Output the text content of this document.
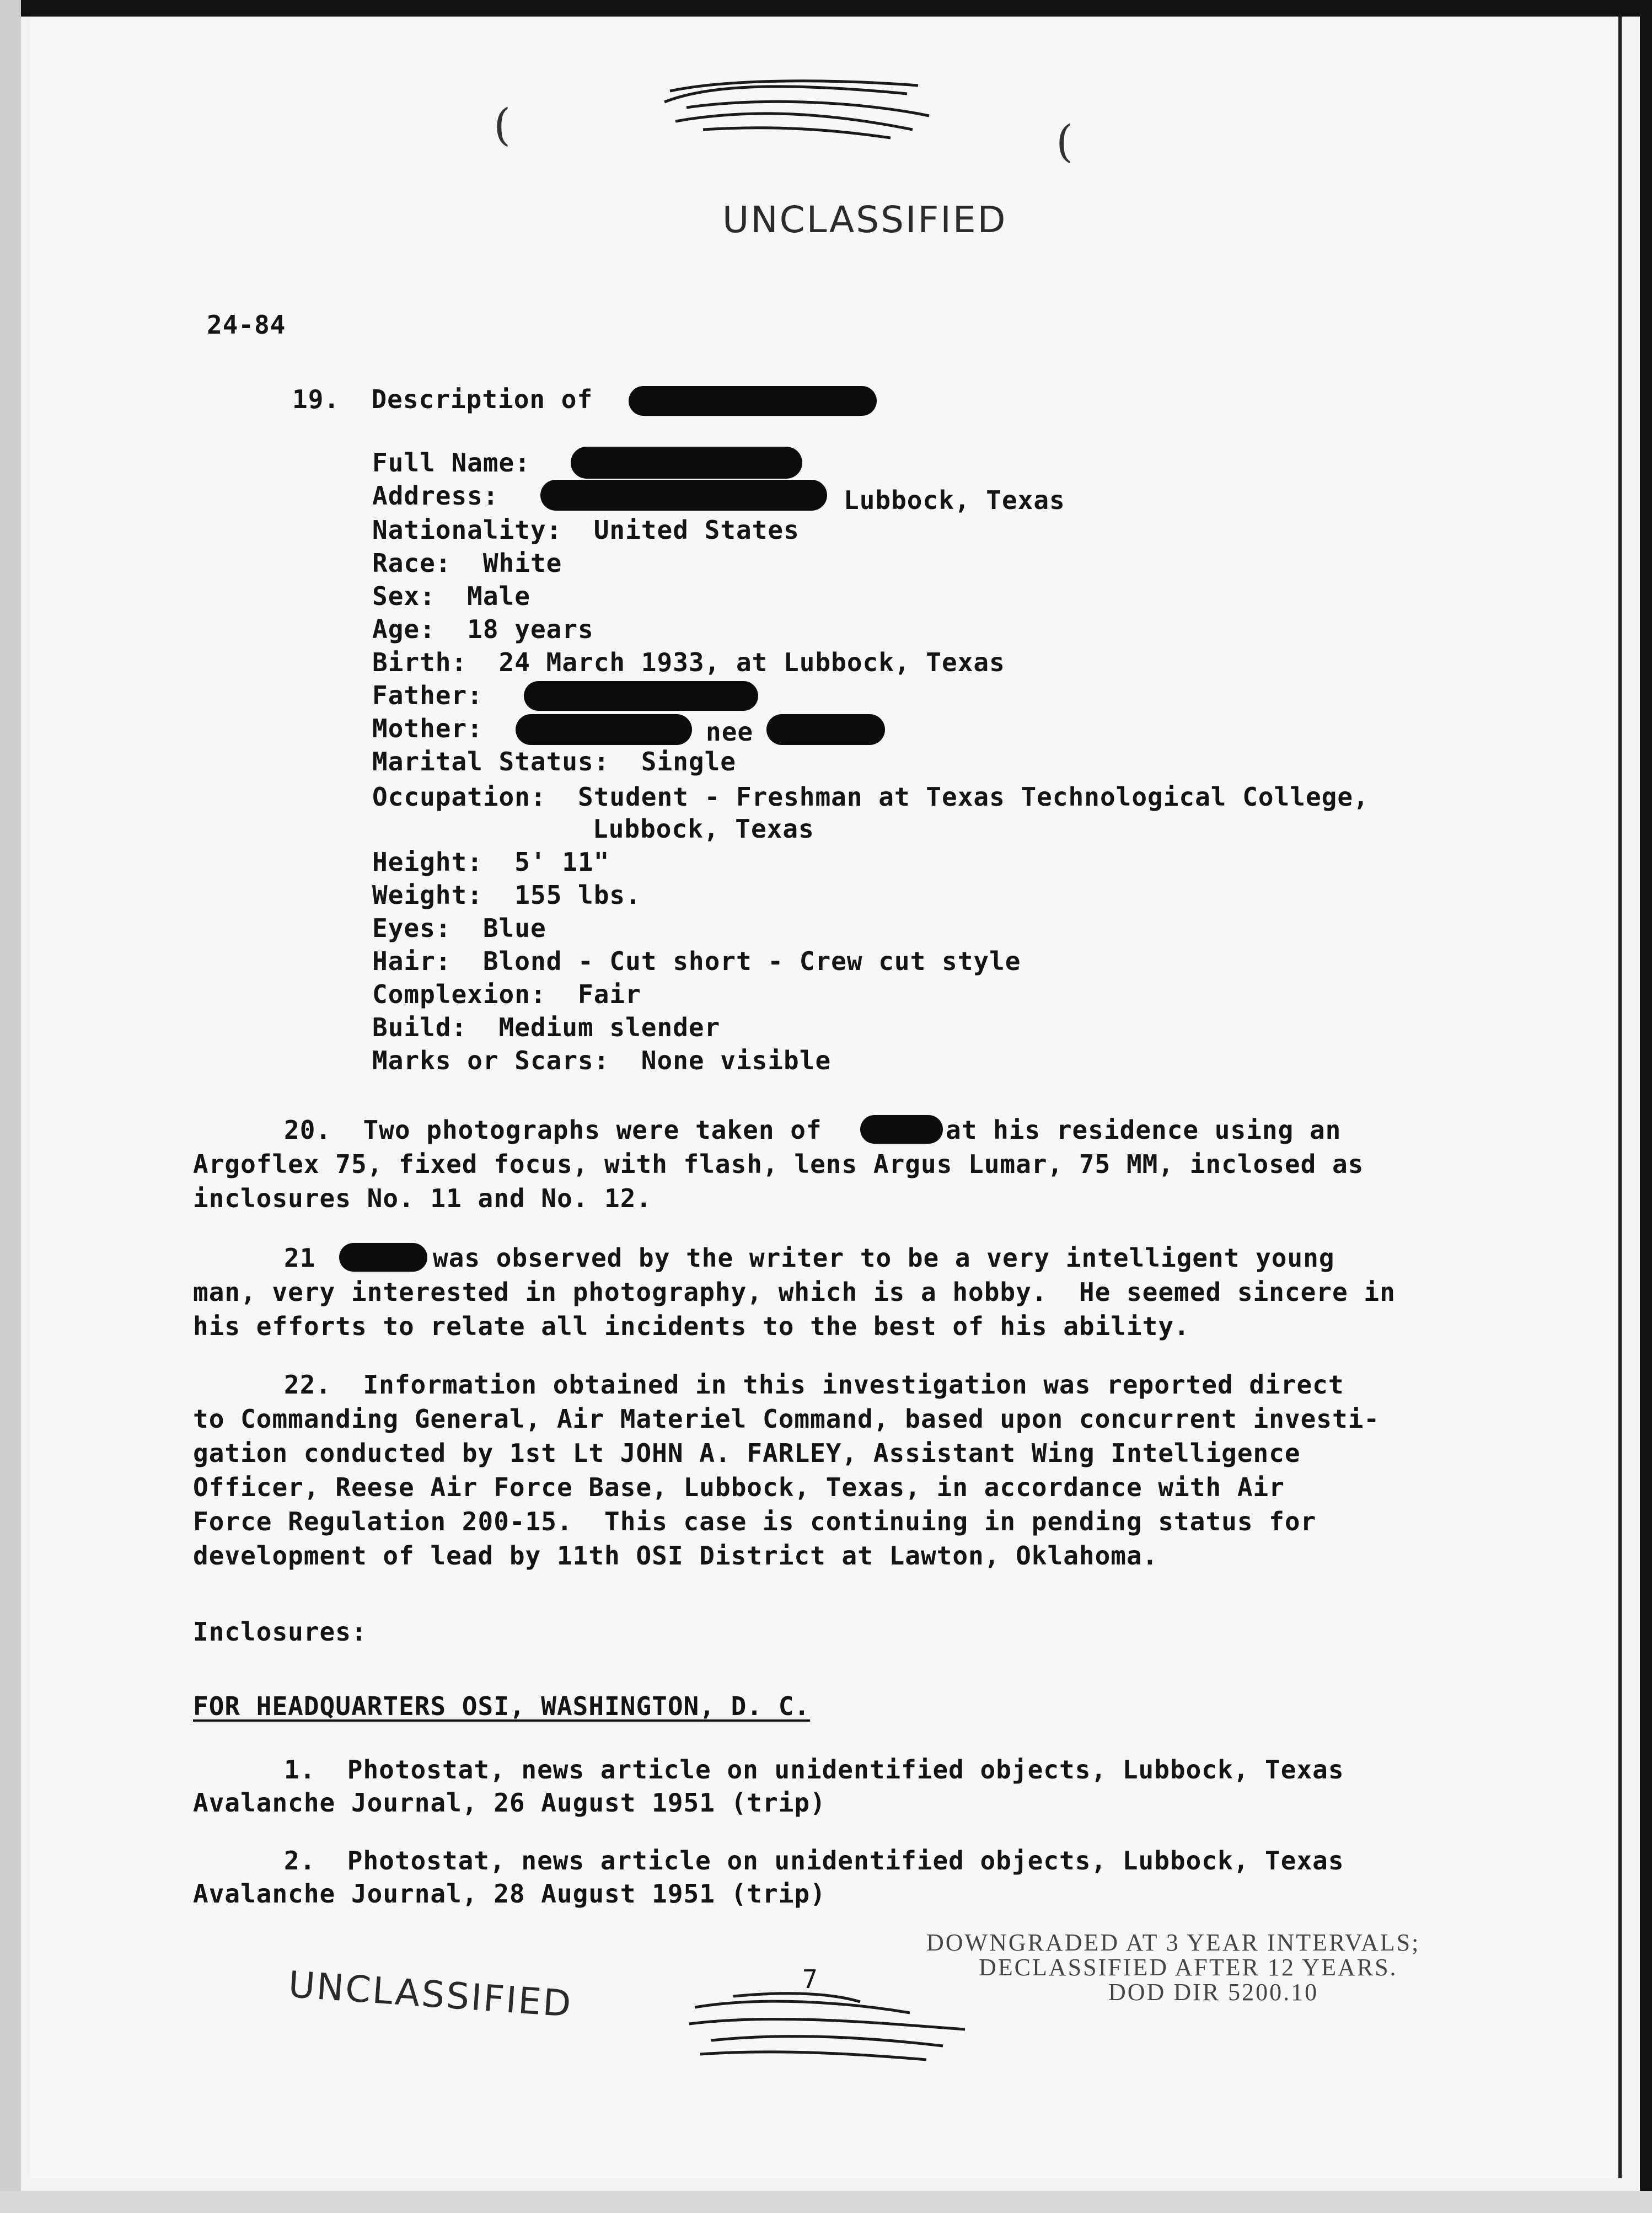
(	(
UNCLASSIFIED
24-84
19.  Description of
Full Name:
Address:	Lubbock, Texas
Nationality:  United States
Race:  White
Sex:  Male
Age:  18 years
Birth:  24 March 1933, at Lubbock, Texas
Father:
Mother:	nee
Marital Status:  Single
Occupation:  Student - Freshman at Texas Technological College,
Lubbock, Texas
Height:  5' 11"
Weight:  155 lbs.
Eyes:  Blue
Hair:  Blond - Cut short - Crew cut style
Complexion:  Fair
Build:  Medium slender
Marks or Scars:  None visible
20.  Two photographs were taken of	at his residence using an
Argoflex 75, fixed focus, with flash, lens Argus Lumar, 75 MM, inclosed as
inclosures No. 11 and No. 12.
21	was observed by the writer to be a very intelligent young
man, very interested in photography, which is a hobby.  He seemed sincere in
his efforts to relate all incidents to the best of his ability.
22.  Information obtained in this investigation was reported direct
to Commanding General, Air Materiel Command, based upon concurrent investi-
gation conducted by 1st Lt JOHN A. FARLEY, Assistant Wing Intelligence
Officer, Reese Air Force Base, Lubbock, Texas, in accordance with Air
Force Regulation 200-15.  This case is continuing in pending status for
development of lead by 11th OSI District at Lawton, Oklahoma.
Inclosures:
FOR HEADQUARTERS OSI, WASHINGTON, D. C.
1.  Photostat, news article on unidentified objects, Lubbock, Texas
Avalanche Journal, 26 August 1951 (trip)
2.  Photostat, news article on unidentified objects, Lubbock, Texas
Avalanche Journal, 28 August 1951 (trip)
UNCLASSIFIED	7
DOWNGRADED AT 3 YEAR INTERVALS;
DECLASSIFIED AFTER 12 YEARS.
DOD DIR 5200.10
